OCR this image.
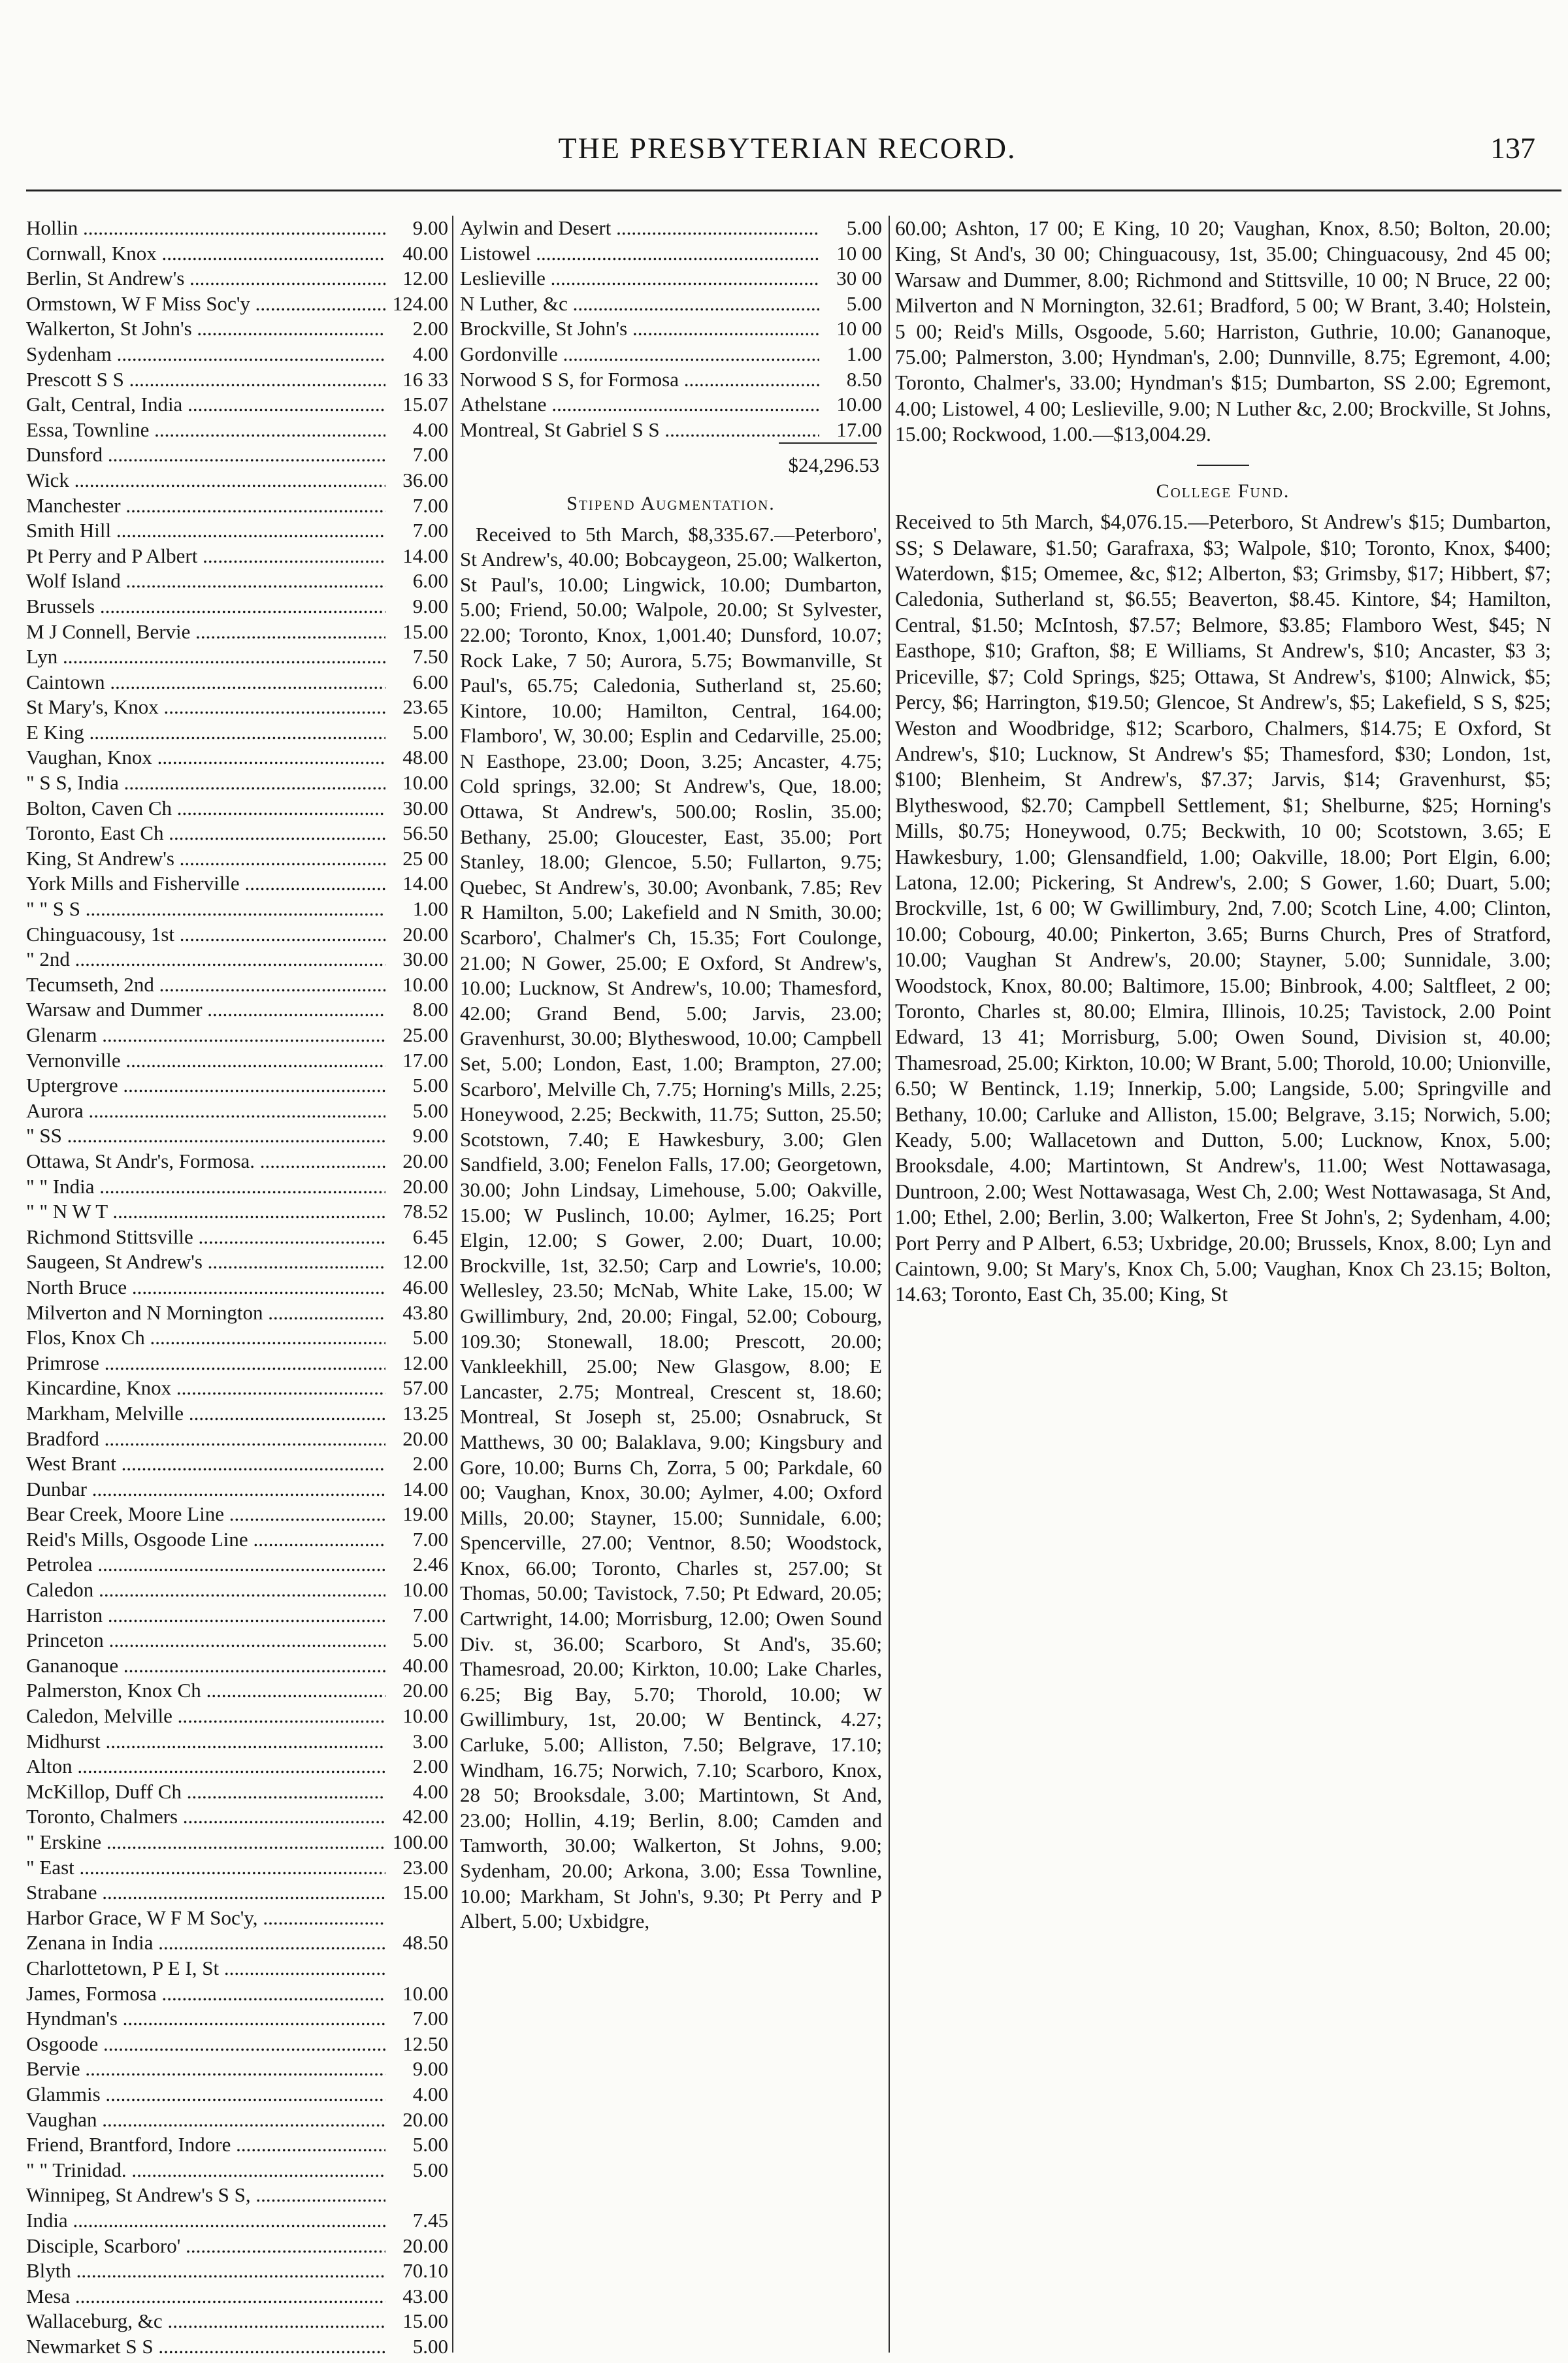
THE PRESBYTERIAN RECORD.	137
Hollin .....	9.00
Cornwall, Knox .....	40.00
Berlin, St Andrew's .....	12.00
Ormstown, W F Miss Soc'y .....	124.00
Walkerton, St John's .....	2.00
Sydenham .....	4.00
Prescott S S .....	16 33
Galt, Central, India .....	15.07
Essa, Townline .....	4.00
Dunsford .....	7.00
Wick .....	36.00
Manchester .....	7.00
Smith Hill .....	7.00
Pt Perry and P Albert .....	14.00
Wolf Island .....	6.00
Brussels .....	9.00
M J Connell, Bervie .....	15.00
Lyn .....	7.50
Caintown .....	6.00
St Mary's, Knox .....	23.65
E King .....	5.00
Vaughan, Knox .....	48.00
" S S, India .....	10.00
Bolton, Caven Ch .....	30.00
Toronto, East Ch .....	56.50
King, St Andrew's .....	25 00
York Mills and Fisherville .....	14.00
" " S S .....	1.00
Chinguacousy, 1st .....	20.00
" 2nd .....	30.00
Tecumseth, 2nd .....	10.00
Warsaw and Dummer .....	8.00
Glenarm .....	25.00
Vernonville .....	17.00
Uptergrove .....	5.00
Aurora .....	5.00
" SS .....	9.00
Ottawa, St Andr's, Formosa. .....	20.00
" " India .....	20.00
" " N W T .....	78.52
Richmond Stittsville .....	6.45
Saugeen, St Andrew's .....	12.00
North Bruce .....	46.00
Milverton and N Mornington .....	43.80
Flos, Knox Ch .....	5.00
Primrose .....	12.00
Kincardine, Knox .....	57.00
Markham, Melville .....	13.25
Bradford .....	20.00
West Brant .....	2.00
Dunbar .....	14.00
Bear Creek, Moore Line .....	19.00
Reid's Mills, Osgoode Line .....	7.00
Petrolea .....	2.46
Caledon .....	10.00
Harriston .....	7.00
Princeton .....	5.00
Gananoque .....	40.00
Palmerston, Knox Ch .....	20.00
Caledon, Melville .....	10.00
Midhurst .....	3.00
Alton .....	2.00
McKillop, Duff Ch .....	4.00
Toronto, Chalmers .....	42.00
" Erskine .....	100.00
" East .....	23.00
Strabane .....	15.00
Harbor Grace, W F M Soc'y, .....
Zenana in India .....	48.50
Charlottetown, P E I, St .....
James, Formosa .....	10.00
Hyndman's .....	7.00
Osgoode .....	12.50
Bervie .....	9.00
Glammis .....	4.00
Vaughan .....	20.00
Friend, Brantford, Indore .....	5.00
" " Trinidad. .....	5.00
Winnipeg, St Andrew's S S, .....
India .....	7.45
Disciple, Scarboro' .....	20.00
Blyth .....	70.10
Mesa .....	43.00
Wallaceburg, &c .....	15.00
Newmarket S S .....	5.00
Aylwin and Desert .....	5.00
Listowel .....	10 00
Leslieville .....	30 00
N Luther, &c .....	5.00
Brockville, St John's .....	10 00
Gordonville .....	1.00
Norwood S S, for Formosa .....	8.50
Athelstane .....	10.00
Montreal, St Gabriel S S .....	17.00
$24,296.53
Stipend Augmentation.
Received to 5th March, $8,335.67.—Peterboro', St Andrew's, 40.00; Bobcaygeon, 25.00; Walkerton, St Paul's, 10.00; Lingwick, 10.00; Dumbarton, 5.00; Friend, 50.00; Walpole, 20.00; St Sylvester, 22.00; Toronto, Knox, 1,001.40; Dunsford, 10.07; Rock Lake, 7 50; Aurora, 5.75; Bowmanville, St Paul's, 65.75; Caledonia, Sutherland st, 25.60; Kintore, 10.00; Hamilton, Central, 164.00; Flamboro', W, 30.00; Esplin and Cedarville, 25.00; N Easthope, 23.00; Doon, 3.25; Ancaster, 4.75; Cold springs, 32.00; St Andrew's, Que, 18.00; Ottawa, St Andrew's, 500.00; Roslin, 35.00; Bethany, 25.00; Gloucester, East, 35.00; Port Stanley, 18.00; Glencoe, 5.50; Fullarton, 9.75; Quebec, St Andrew's, 30.00; Avonbank, 7.85; Rev R Hamilton, 5.00; Lakefield and N Smith, 30.00; Scarboro', Chalmer's Ch, 15.35; Fort Coulonge, 21.00; N Gower, 25.00; E Oxford, St Andrew's, 10.00; Lucknow, St Andrew's, 10.00; Thamesford, 42.00; Grand Bend, 5.00; Jarvis, 23.00; Gravenhurst, 30.00; Blytheswood, 10.00; Campbell Set, 5.00; London, East, 1.00; Brampton, 27.00; Scarboro', Melville Ch, 7.75; Horning's Mills, 2.25; Honeywood, 2.25; Beckwith, 11.75; Sutton, 25.50; Scotstown, 7.40; E Hawkesbury, 3.00; Glen Sandfield, 3.00; Fenelon Falls, 17.00; Georgetown, 30.00; John Lindsay, Limehouse, 5.00; Oakville, 15.00; W Puslinch, 10.00; Aylmer, 16.25; Port Elgin, 12.00; S Gower, 2.00; Duart, 10.00; Brockville, 1st, 32.50; Carp and Lowrie's, 10.00; Wellesley, 23.50; McNab, White Lake, 15.00; W Gwillimbury, 2nd, 20.00; Fingal, 52.00; Cobourg, 109.30; Stonewall, 18.00; Prescott, 20.00; Vankleekhill, 25.00; New Glasgow, 8.00; E Lancaster, 2.75; Montreal, Crescent st, 18.60; Montreal, St Joseph st, 25.00; Osnabruck, St Matthews, 30 00; Balaklava, 9.00; Kingsbury and Gore, 10.00; Burns Ch, Zorra, 5 00; Parkdale, 60 00; Vaughan, Knox, 30.00; Aylmer, 4.00; Oxford Mills, 20.00; Stayner, 15.00; Sunnidale, 6.00; Spencerville, 27.00; Ventnor, 8.50; Woodstock, Knox, 66.00; Toronto, Charles st, 257.00; St Thomas, 50.00; Tavistock, 7.50; Pt Edward, 20.05; Cartwright, 14.00; Morrisburg, 12.00; Owen Sound Div. st, 36.00; Scarboro, St And's, 35.60; Thamesroad, 20.00; Kirkton, 10.00; Lake Charles, 6.25; Big Bay, 5.70; Thorold, 10.00; W Gwillimbury, 1st, 20.00; W Bentinck, 4.27; Carluke, 5.00; Alliston, 7.50; Belgrave, 17.10; Windham, 16.75; Norwich, 7.10; Scarboro, Knox, 28 50; Brooksdale, 3.00; Martintown, St And, 23.00; Hollin, 4.19; Berlin, 8.00; Camden and Tamworth, 30.00; Walkerton, St Johns, 9.00; Sydenham, 20.00; Arkona, 3.00; Essa Townline, 10.00; Markham, St John's, 9.30; Pt Perry and P Albert, 5.00; Uxbidgre,
60.00; Ashton, 17 00; E King, 10 20; Vaughan, Knox, 8.50; Bolton, 20.00; King, St And's, 30 00; Chinguacousy, 1st, 35.00; Chinguacousy, 2nd 45 00; Warsaw and Dummer, 8.00; Richmond and Stittsville, 10 00; N Bruce, 22 00; Milverton and N Mornington, 32.61; Bradford, 5 00; W Brant, 3.40; Holstein, 5 00; Reid's Mills, Osgoode, 5.60; Harriston, Guthrie, 10.00; Gananoque, 75.00; Palmerston, 3.00; Hyndman's, 2.00; Dunnville, 8.75; Egremont, 4.00; Toronto, Chalmer's, 33.00; Hyndman's $15; Dumbarton, SS 2.00; Egremont, 4.00; Listowel, 4 00; Leslieville, 9.00; N Luther &c, 2.00; Brockville, St Johns, 15.00; Rockwood, 1.00.—$13,004.29.
College Fund.
Received to 5th March, $4,076.15.—Peterboro, St Andrew's $15; Dumbarton, SS; S Delaware, $1.50; Garafraxa, $3; Walpole, $10; Toronto, Knox, $400; Waterdown, $15; Omemee, &c, $12; Alberton, $3; Grimsby, $17; Hibbert, $7; Caledonia, Sutherland st, $6.55; Beaverton, $8.45. Kintore, $4; Hamilton, Central, $1.50; McIntosh, $7.57; Belmore, $3.85; Flamboro West, $45; N Easthope, $10; Grafton, $8; E Williams, St Andrew's, $10; Ancaster, $3 3; Priceville, $7; Cold Springs, $25; Ottawa, St Andrew's, $100; Alnwick, $5; Percy, $6; Harrington, $19.50; Glencoe, St Andrew's, $5; Lakefield, S S, $25; Weston and Woodbridge, $12; Scarboro, Chalmers, $14.75; E Oxford, St Andrew's, $10; Lucknow, St Andrew's $5; Thamesford, $30; London, 1st, $100; Blenheim, St Andrew's, $7.37; Jarvis, $14; Gravenhurst, $5; Blytheswood, $2.70; Campbell Settlement, $1; Shelburne, $25; Horning's Mills, $0.75; Honeywood, 0.75; Beckwith, 10 00; Scotstown, 3.65; E Hawkesbury, 1.00; Glensandfield, 1.00; Oakville, 18.00; Port Elgin, 6.00; Latona, 12.00; Pickering, St Andrew's, 2.00; S Gower, 1.60; Duart, 5.00; Brockville, 1st, 6 00; W Gwillimbury, 2nd, 7.00; Scotch Line, 4.00; Clinton, 10.00; Cobourg, 40.00; Pinkerton, 3.65; Burns Church, Pres of Stratford, 10.00; Vaughan St Andrew's, 20.00; Stayner, 5.00; Sunnidale, 3.00; Woodstock, Knox, 80.00; Baltimore, 15.00; Binbrook, 4.00; Saltfleet, 2 00; Toronto, Charles st, 80.00; Elmira, Illinois, 10.25; Tavistock, 2.00 Point Edward, 13 41; Morrisburg, 5.00; Owen Sound, Division st, 40.00; Thamesroad, 25.00; Kirkton, 10.00; W Brant, 5.00; Thorold, 10.00; Unionville, 6.50; W Bentinck, 1.19; Innerkip, 5.00; Langside, 5.00; Springville and Bethany, 10.00; Carluke and Alliston, 15.00; Belgrave, 3.15; Norwich, 5.00; Keady, 5.00; Wallacetown and Dutton, 5.00; Lucknow, Knox, 5.00; Brooksdale, 4.00; Martintown, St Andrew's, 11.00; West Nottawasaga, Duntroon, 2.00; West Nottawasaga, West Ch, 2.00; West Nottawasaga, St And, 1.00; Ethel, 2.00; Berlin, 3.00; Walkerton, Free St John's, 2; Sydenham, 4.00; Port Perry and P Albert, 6.53; Uxbridge, 20.00; Brussels, Knox, 8.00; Lyn and Caintown, 9.00; St Mary's, Knox Ch, 5.00; Vaughan, Knox Ch 23.15; Bolton, 14.63; Toronto, East Ch, 35.00; King, St
